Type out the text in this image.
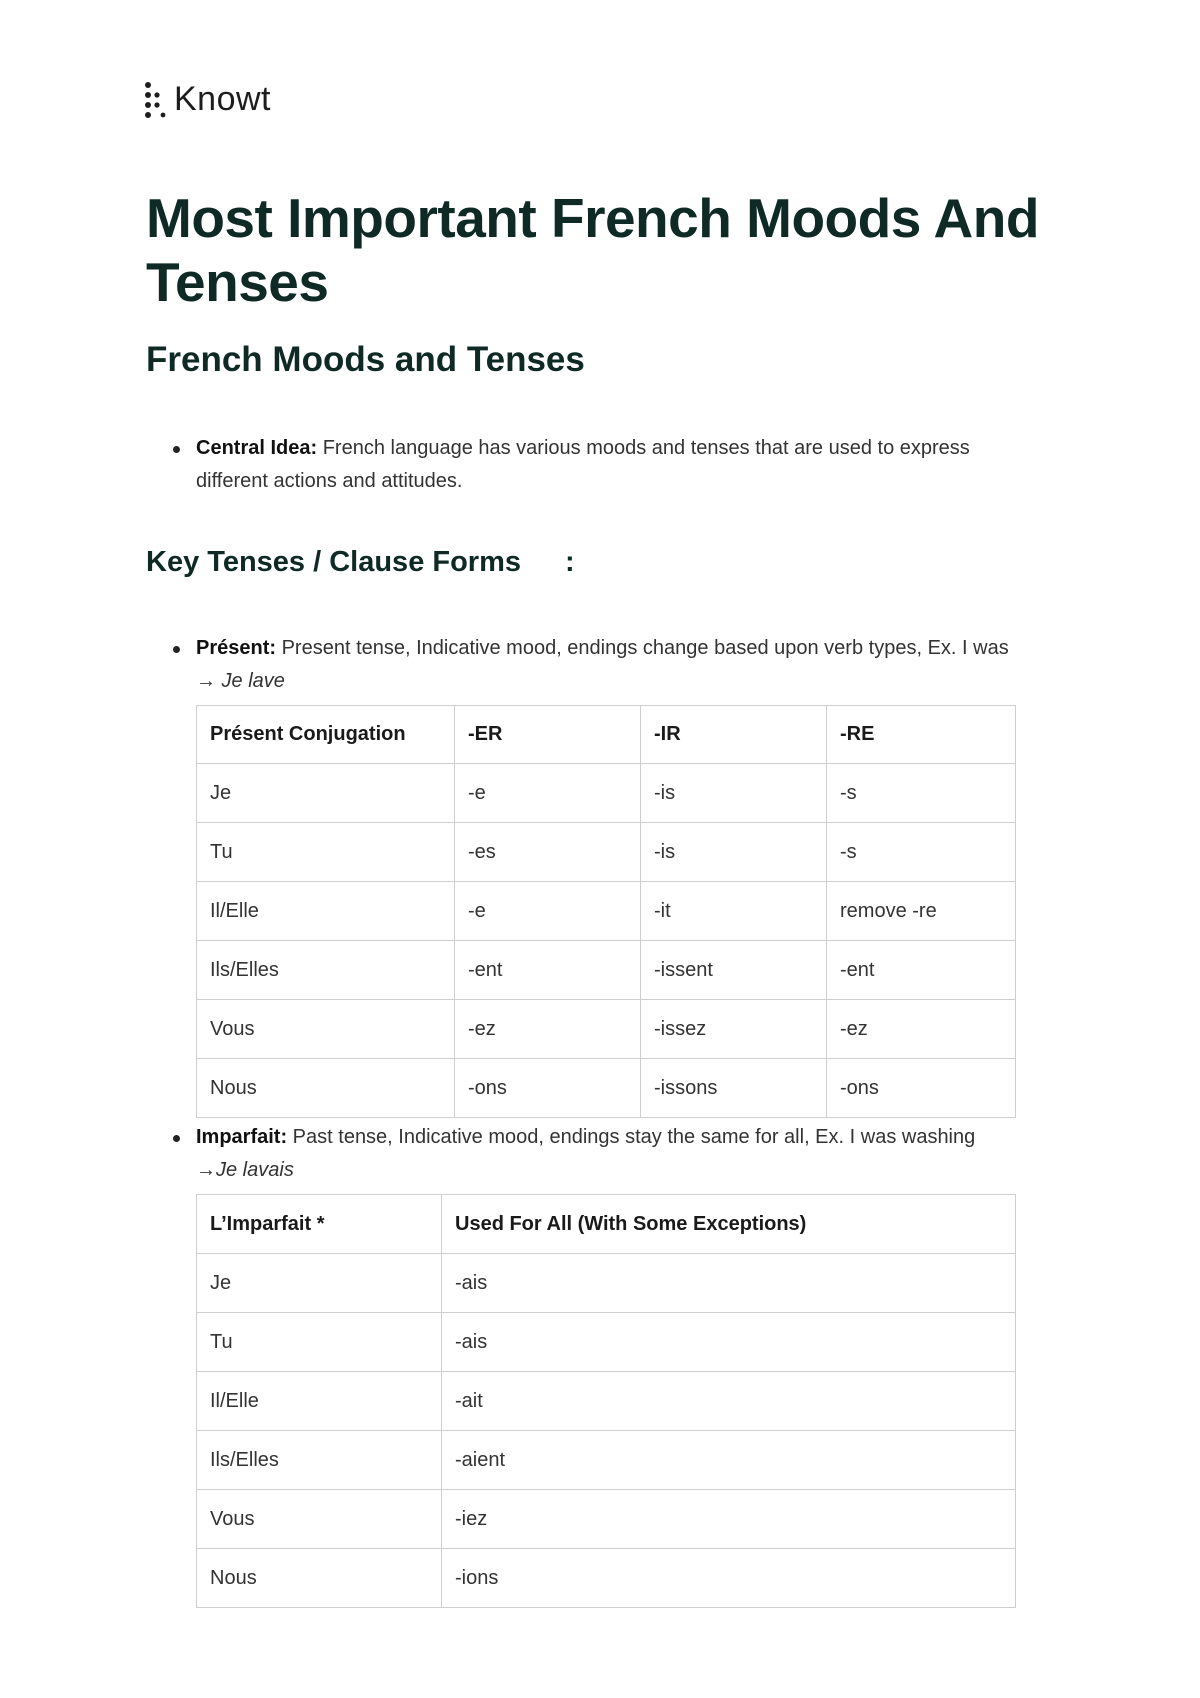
Knowt
Most Important French Moods And Tenses
French Moods and Tenses
Central Idea: French language has various moods and tenses that are used to express different actions and attitudes.
Key Tenses / Clause Forms :
Présent: Present tense, Indicative mood, endings change based upon verb types, Ex. I was → Je lave
Présent Conjugation	-ER	-IR	-RE
Je	-e	-is	-s
Tu	-es	-is	-s
Il/Elle	-e	-it	remove -re
Ils/Elles	-ent	-issent	-ent
Vous	-ez	-issez	-ez
Nous	-ons	-issons	-ons
Imparfait: Past tense, Indicative mood, endings stay the same for all, Ex. I was washing →Je lavais
L’Imparfait *	Used For All (With Some Exceptions)
Je	-ais
Tu	-ais
Il/Elle	-ait
Ils/Elles	-aient
Vous	-iez
Nous	-ions
